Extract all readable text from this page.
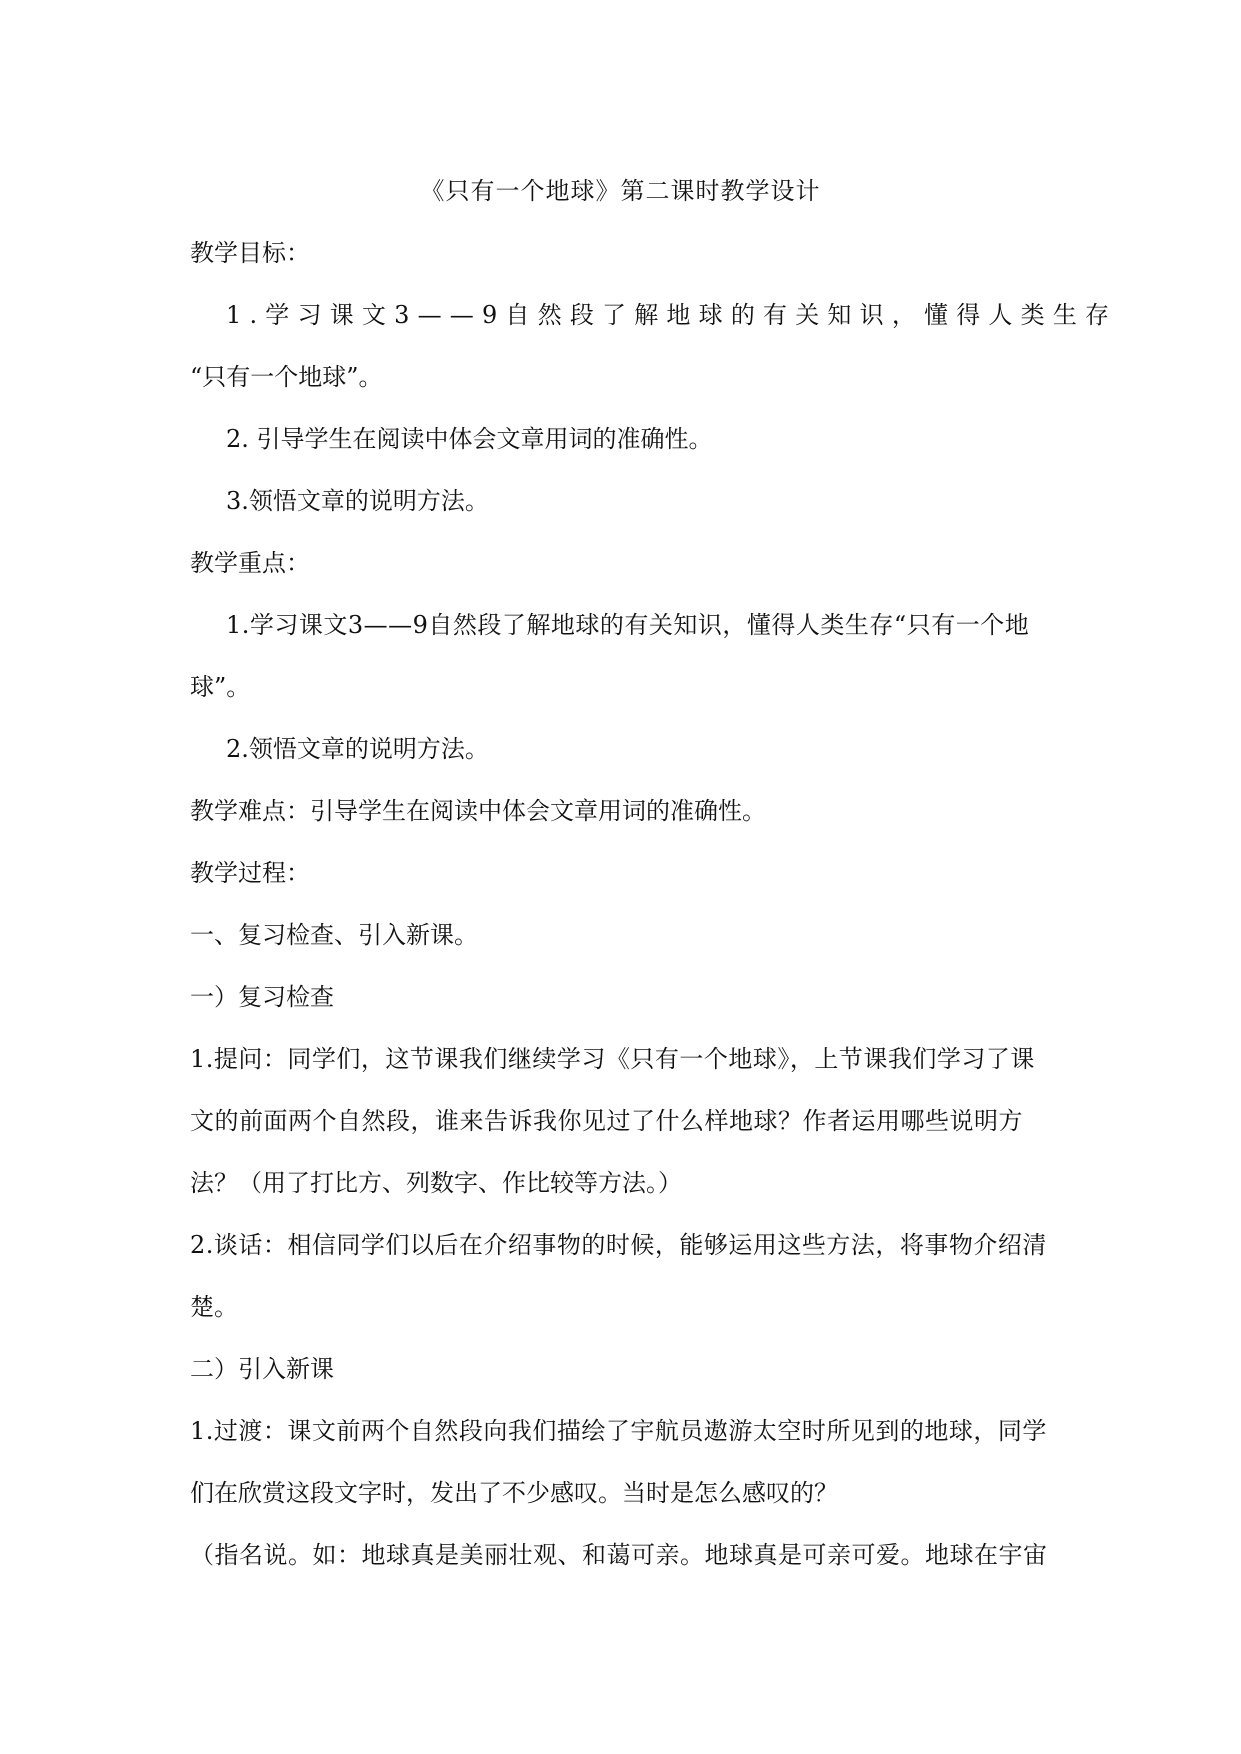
《只有一个地球》第二课时教学设计
教学目标：
1.学习课文3——9自然段了解地球的有关知识，懂得人类生存
“只有一个地球”。
2. 引导学生在阅读中体会文章用词的准确性。
3.领悟文章的说明方法。
教学重点：
1.学习课文3——9自然段了解地球的有关知识，懂得人类生存“只有一个地
球”。
2.领悟文章的说明方法。
教学难点：引导学生在阅读中体会文章用词的准确性。
教学过程：
一、复习检查、引入新课。
一）复习检查
1.提问：同学们，这节课我们继续学习《只有一个地球》，上节课我们学习了课
文的前面两个自然段，谁来告诉我你见过了什么样地球？作者运用哪些说明方
法？（用了打比方、列数字、作比较等方法。）
2.谈话：相信同学们以后在介绍事物的时候，能够运用这些方法，将事物介绍清
楚。
二）引入新课
1.过渡：课文前两个自然段向我们描绘了宇航员遨游太空时所见到的地球，同学
们在欣赏这段文字时，发出了不少感叹。当时是怎么感叹的？
（指名说。如：地球真是美丽壮观、和蔼可亲。地球真是可亲可爱。地球在宇宙
